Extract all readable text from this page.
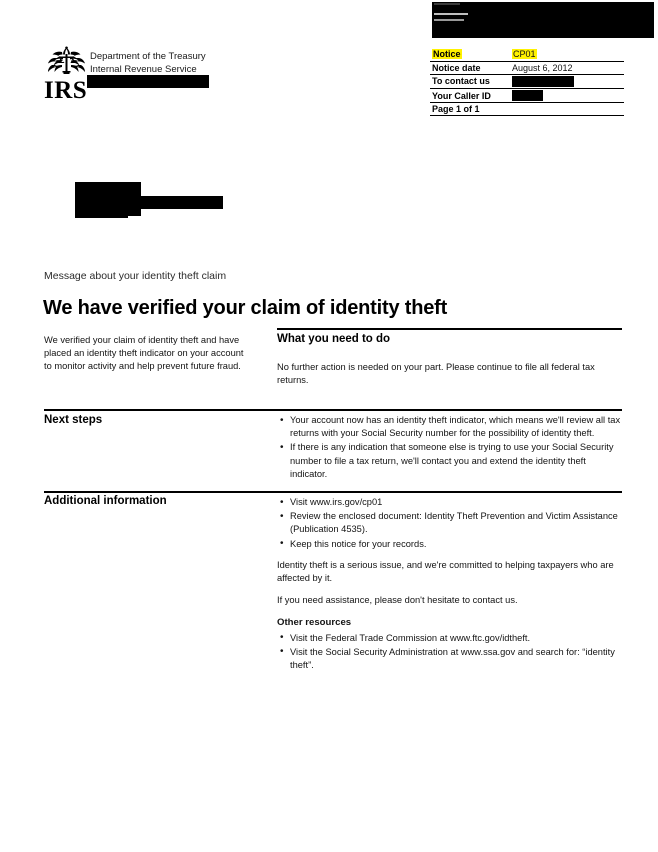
IRS
Department of the Treasury
Internal Revenue Service
Notice	CP01
Notice date	August 6, 2012
To contact us	
Your Caller ID	
Page 1 of 1	
Message about your identity theft claim
We have verified your claim of identity theft
What you need to do
We verified your claim of identity theft and have placed an identity theft indicator on your account to monitor activity and help prevent future fraud.	No further action is needed on your part. Please continue to file all federal tax returns.
Next steps	• Your account now has an identity theft indicator, which means we'll review all tax returns with your Social Security number for the possibility of identity theft.
• If there is any indication that someone else is trying to use your Social Security number to file a tax return, we'll contact you and extend the identity theft indicator.
Additional information	• Visit www.irs.gov/cp01
• Review the enclosed document: Identity Theft Prevention and Victim Assistance (Publication 4535).
• Keep this notice for your records.

Identity theft is a serious issue, and we're committed to helping taxpayers who are affected by it.

If you need assistance, please don't hesitate to contact us.

Other resources
• Visit the Federal Trade Commission at www.ftc.gov/idtheft.
• Visit the Social Security Administration at www.ssa.gov and search for: “identity theft”.
